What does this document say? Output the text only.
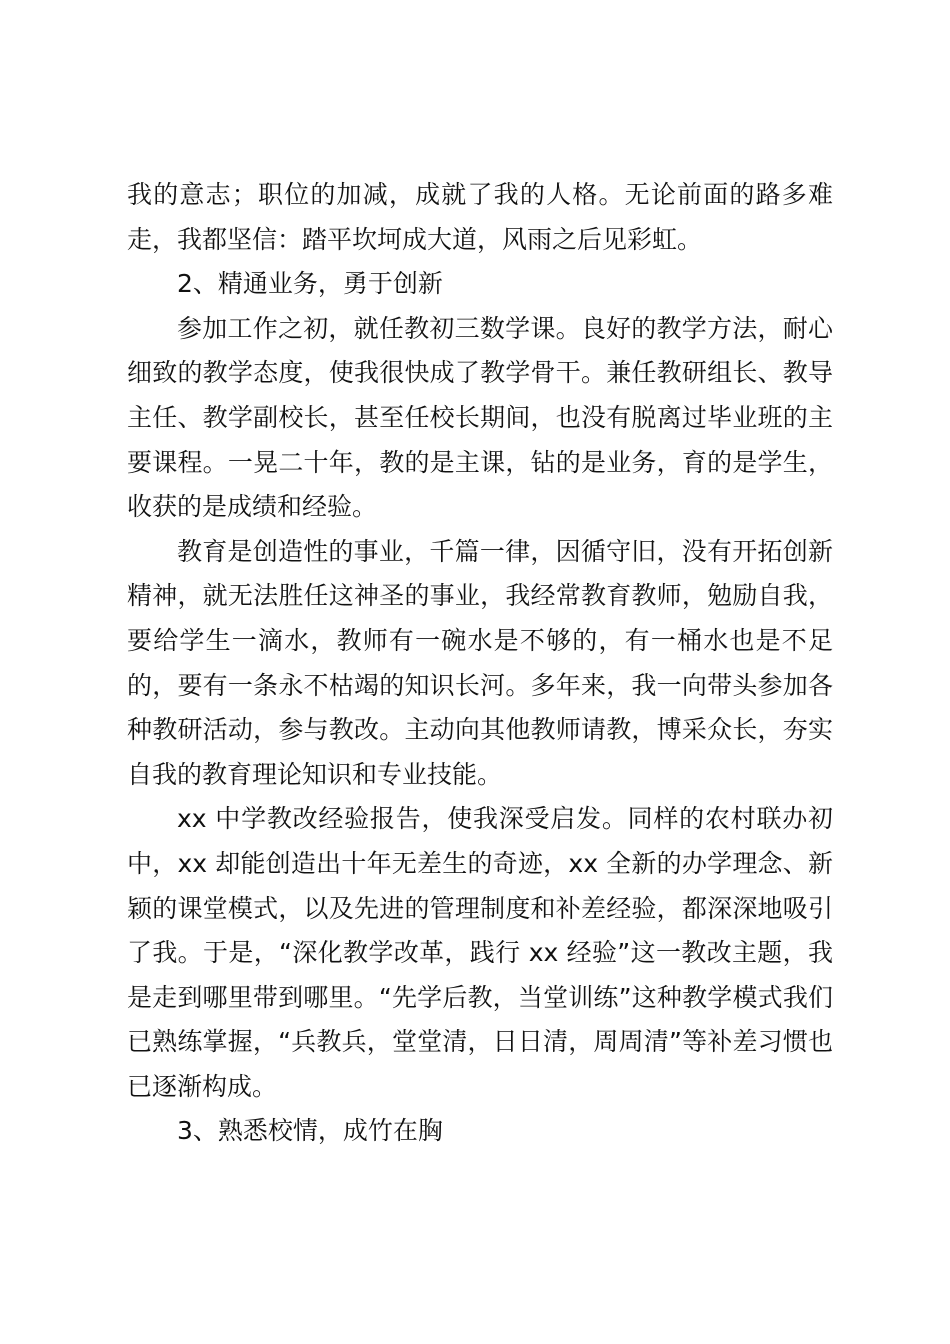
我的意志；职位的加减，成就了我的人格。无论前面的路多难走，我都坚信：踏平坎坷成大道，风雨之后见彩虹。

2、精通业务，勇于创新

参加工作之初，就任教初三数学课。良好的教学方法，耐心细致的教学态度，使我很快成了教学骨干。兼任教研组长、教导主任、教学副校长，甚至任校长期间，也没有脱离过毕业班的主要课程。一晃二十年，教的是主课，钻的是业务，育的是学生，收获的是成绩和经验。

教育是创造性的事业，千篇一律，因循守旧，没有开拓创新精神，就无法胜任这神圣的事业，我经常教育教师，勉励自我，要给学生一滴水，教师有一碗水是不够的，有一桶水也是不足的，要有一条永不枯竭的知识长河。多年来，我一向带头参加各种教研活动，参与教改。主动向其他教师请教，博采众长，夯实自我的教育理论知识和专业技能。

xx 中学教改经验报告，使我深受启发。同样的农村联办初中，xx 却能创造出十年无差生的奇迹，xx 全新的办学理念、新颖的课堂模式，以及先进的管理制度和补差经验，都深深地吸引了我。于是，“深化教学改革，践行 xx 经验”这一教改主题，我是走到哪里带到哪里。“先学后教，当堂训练”这种教学模式我们已熟练掌握，“兵教兵，堂堂清，日日清，周周清”等补差习惯也已逐渐构成。

3、熟悉校情，成竹在胸
